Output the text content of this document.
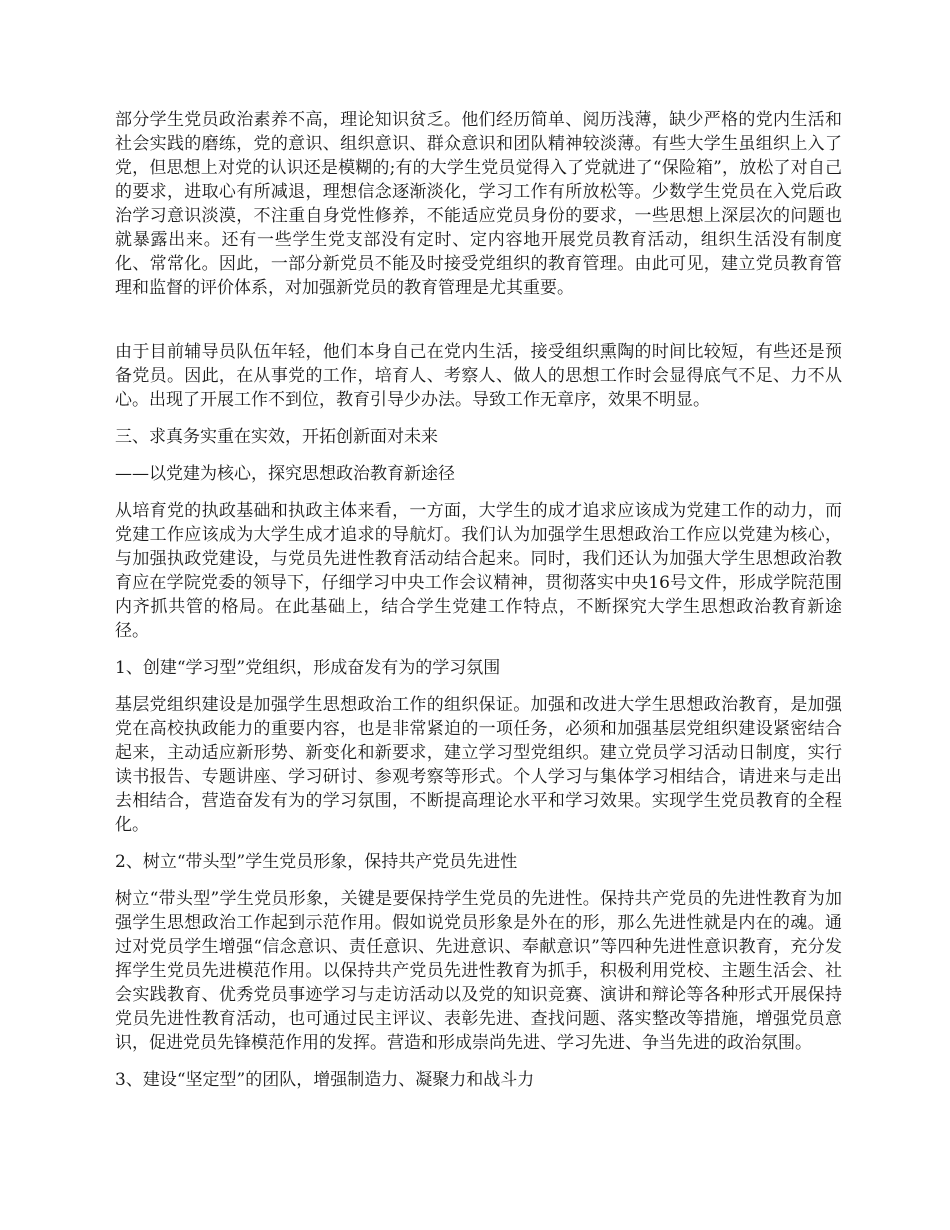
部分学生党员政治素养不高，理论知识贫乏。他们经历简单、阅历浅薄，缺少严格的党内生活和社会实践的磨练，党的意识、组织意识、群众意识和团队精神较淡薄。有些大学生虽组织上入了党，但思想上对党的认识还是模糊的;有的大学生党员觉得入了党就进了“保险箱”，放松了对自己的要求，进取心有所减退，理想信念逐渐淡化，学习工作有所放松等。少数学生党员在入党后政治学习意识淡漠，不注重自身党性修养，不能适应党员身份的要求，一些思想上深层次的问题也就暴露出来。还有一些学生党支部没有定时、定内容地开展党员教育活动，组织生活没有制度化、常常化。因此，一部分新党员不能及时接受党组织的教育管理。由此可见，建立党员教育管理和监督的评价体系，对加强新党员的教育管理是尤其重要。

由于目前辅导员队伍年轻，他们本身自己在党内生活，接受组织熏陶的时间比较短，有些还是预备党员。因此，在从事党的工作，培育人、考察人、做人的思想工作时会显得底气不足、力不从心。出现了开展工作不到位，教育引导少办法。导致工作无章序，效果不明显。

三、求真务实重在实效，开拓创新面对未来

——以党建为核心，探究思想政治教育新途径

从培育党的执政基础和执政主体来看，一方面，大学生的成才追求应该成为党建工作的动力，而党建工作应该成为大学生成才追求的导航灯。我们认为加强学生思想政治工作应以党建为核心，与加强执政党建设，与党员先进性教育活动结合起来。同时，我们还认为加强大学生思想政治教育应在学院党委的领导下，仔细学习中央工作会议精神，贯彻落实中央16号文件，形成学院范围内齐抓共管的格局。在此基础上，结合学生党建工作特点，不断探究大学生思想政治教育新途径。

1、创建“学习型”党组织，形成奋发有为的学习氛围

基层党组织建设是加强学生思想政治工作的组织保证。加强和改进大学生思想政治教育，是加强党在高校执政能力的重要内容，也是非常紧迫的一项任务，必须和加强基层党组织建设紧密结合起来，主动适应新形势、新变化和新要求，建立学习型党组织。建立党员学习活动日制度，实行读书报告、专题讲座、学习研讨、参观考察等形式。个人学习与集体学习相结合，请进来与走出去相结合，营造奋发有为的学习氛围，不断提高理论水平和学习效果。实现学生党员教育的全程化。

2、树立“带头型”学生党员形象，保持共产党员先进性

树立“带头型”学生党员形象，关键是要保持学生党员的先进性。保持共产党员的先进性教育为加强学生思想政治工作起到示范作用。假如说党员形象是外在的形，那么先进性就是内在的魂。通过对党员学生增强“信念意识、责任意识、先进意识、奉献意识”等四种先进性意识教育，充分发挥学生党员先进模范作用。以保持共产党员先进性教育为抓手，积极利用党校、主题生活会、社会实践教育、优秀党员事迹学习与走访活动以及党的知识竞赛、演讲和辩论等各种形式开展保持党员先进性教育活动，也可通过民主评议、表彰先进、查找问题、落实整改等措施，增强党员意识，促进党员先锋模范作用的发挥。营造和形成崇尚先进、学习先进、争当先进的政治氛围。

3、建设“坚定型”的团队，增强制造力、凝聚力和战斗力
